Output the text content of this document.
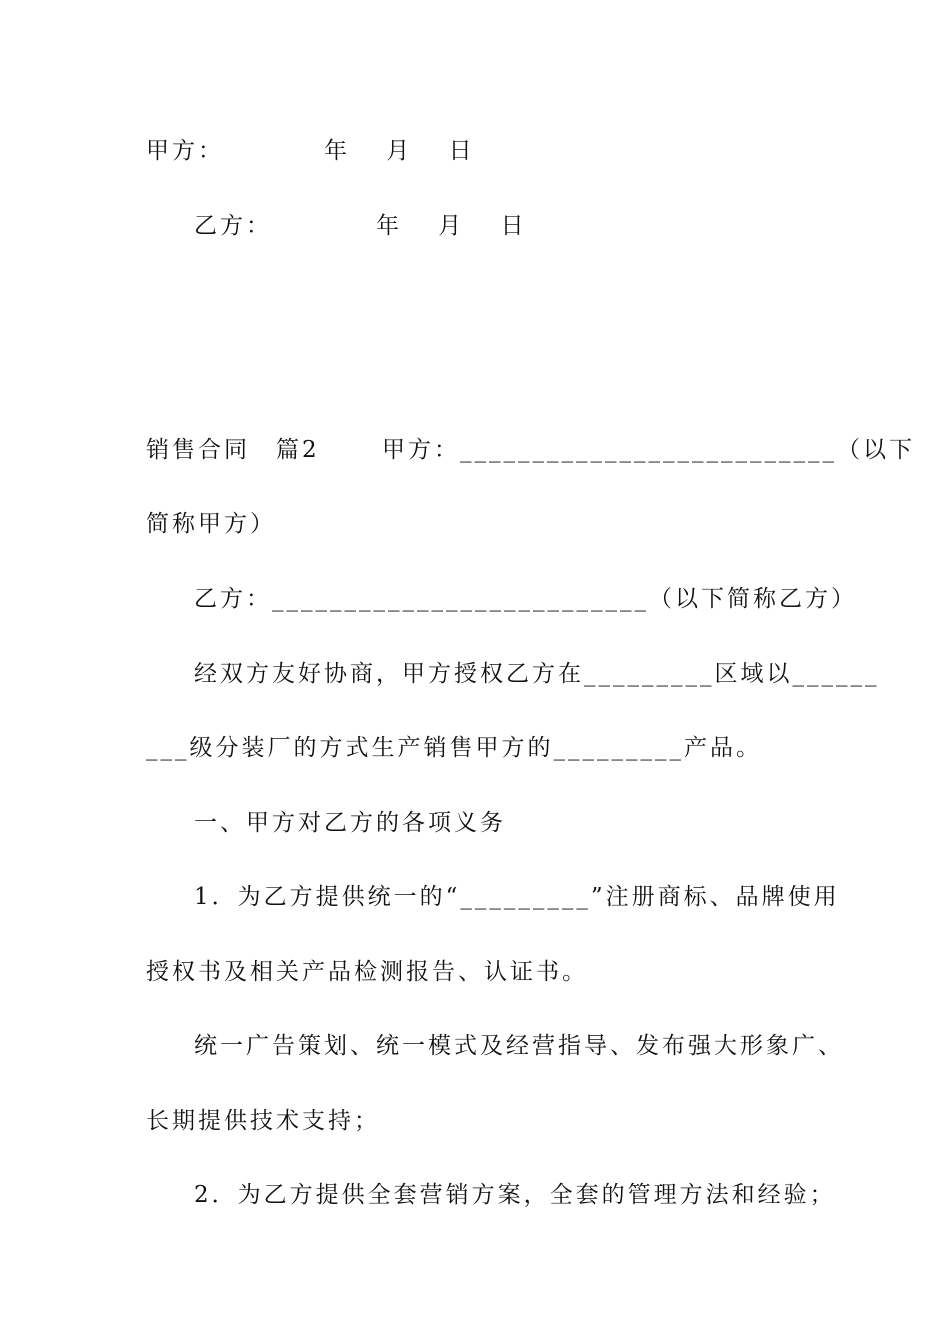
甲方：	年　 月　 日
乙方：	年　 月　 日
销售合同　篇2　　 甲方：__________________________（以下
简称甲方）
乙方：__________________________（以下简称乙方）
经双方友好协商，甲方授权乙方在_________区域以______
___级分装厂的方式生产销售甲方的_________产品。
一、甲方对乙方的各项义务
1．为乙方提供统一的“_________”注册商标、品牌使用
授权书及相关产品检测报告、认证书。
统一广告策划、统一模式及经营指导、发布强大形象广、
长期提供技术支持；
2．为乙方提供全套营销方案，全套的管理方法和经验；
